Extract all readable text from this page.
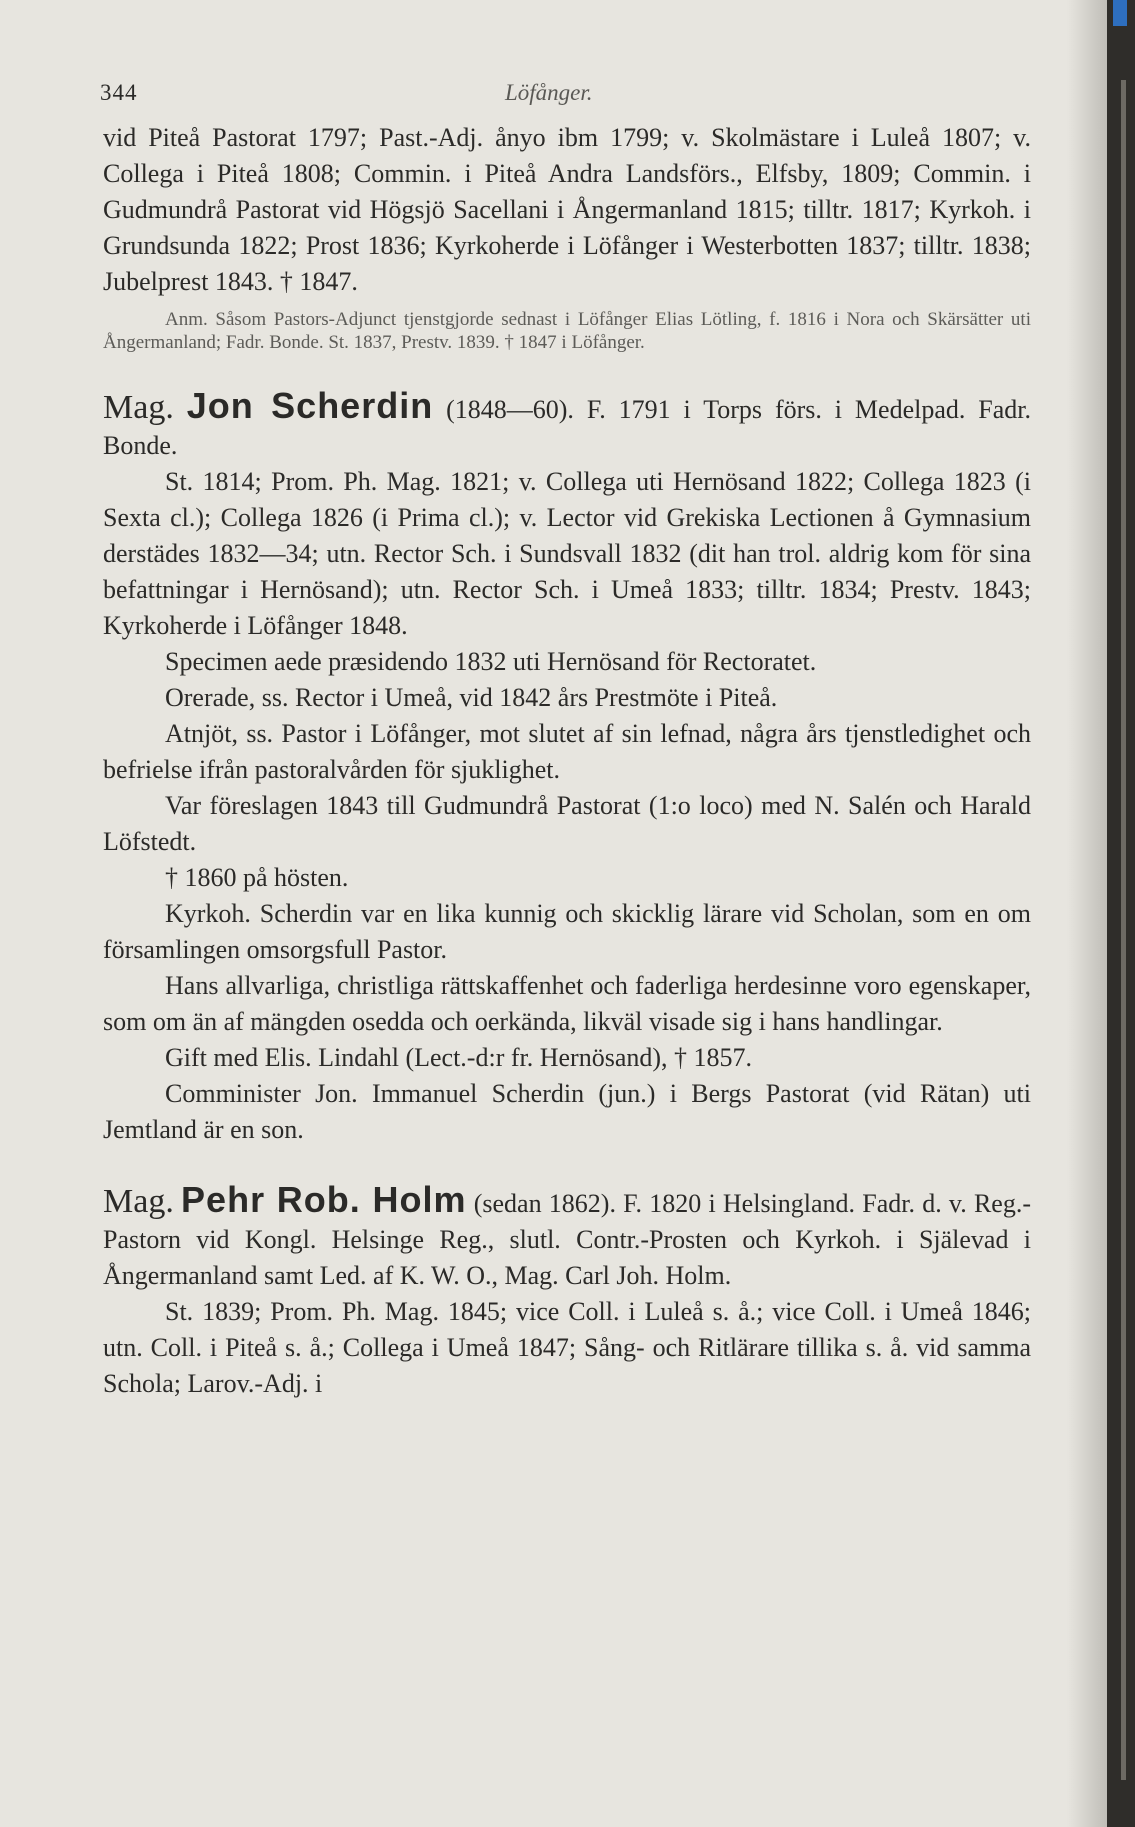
344	Löfånger.

vid Piteå Pastorat 1797; Past.-Adj. ånyo ibm 1799; v. Skolmästare i Luleå 1807; v. Collega i Piteå 1808; Commin. i Piteå Andra Landsförs., Elfsby, 1809; Commin. i Gudmundrå Pastorat vid Högsjö Sacellani i Ångermanland 1815; tilltr. 1817; Kyrkoh. i Grundsunda 1822; Prost 1836; Kyrkoherde i Löfånger i Westerbotten 1837; tilltr. 1838; Jubelprest 1843. † 1847.

Anm. Såsom Pastors-Adjunct tjenstgjorde sednast i Löfånger Elias Lötling, f. 1816 i Nora och Skärsätter uti Ångermanland; Fadr. Bonde. St. 1837, Prestv. 1839. † 1847 i Löfånger.

Mag. Jon Scherdin (1848—60). F. 1791 i Torps förs. i Medelpad. Fadr. Bonde.

St. 1814; Prom. Ph. Mag. 1821; v. Collega uti Hernösand 1822; Collega 1823 (i Sexta cl.); Collega 1826 (i Prima cl.); v. Lector vid Grekiska Lectionen å Gymnasium derstädes 1832—34; utn. Rector Sch. i Sundsvall 1832 (dit han trol. aldrig kom för sina befattningar i Hernösand); utn. Rector Sch. i Umeå 1833; tilltr. 1834; Prestv. 1843; Kyrkoherde i Löfånger 1848.

Specimen aede præsidendo 1832 uti Hernösand för Rectoratet.

Orerade, ss. Rector i Umeå, vid 1842 års Prestmöte i Piteå.

Atnjöt, ss. Pastor i Löfånger, mot slutet af sin lefnad, några års tjenstledighet och befrielse ifrån pastoralvården för sjuklighet.

Var föreslagen 1843 till Gudmundrå Pastorat (1:o loco) med N. Salén och Harald Löfstedt.

† 1860 på hösten.

Kyrkoh. Scherdin var en lika kunnig och skicklig lärare vid Scholan, som en om församlingen omsorgsfull Pastor.

Hans allvarliga, christliga rättskaffenhet och faderliga herdesinne voro egenskaper, som om än af mängden osedda och oerkända, likväl visade sig i hans handlingar.

Gift med Elis. Lindahl (Lect.-d:r fr. Hernösand), † 1857.

Comminister Jon. Immanuel Scherdin (jun.) i Bergs Pastorat (vid Rätan) uti Jemtland är en son.

Mag. Pehr Rob. Holm (sedan 1862). F. 1820 i Helsingland. Fadr. d. v. Reg.-Pastorn vid Kongl. Helsinge Reg., slutl. Contr.-Prosten och Kyrkoh. i Själevad i Ångermanland samt Led. af K. W. O., Mag. Carl Joh. Holm.

St. 1839; Prom. Ph. Mag. 1845; vice Coll. i Luleå s. å.; vice Coll. i Umeå 1846; utn. Coll. i Piteå s. å.; Collega i Umeå 1847; Sång- och Ritlärare tillika s. å. vid samma Schola; Larov.-Adj. i
